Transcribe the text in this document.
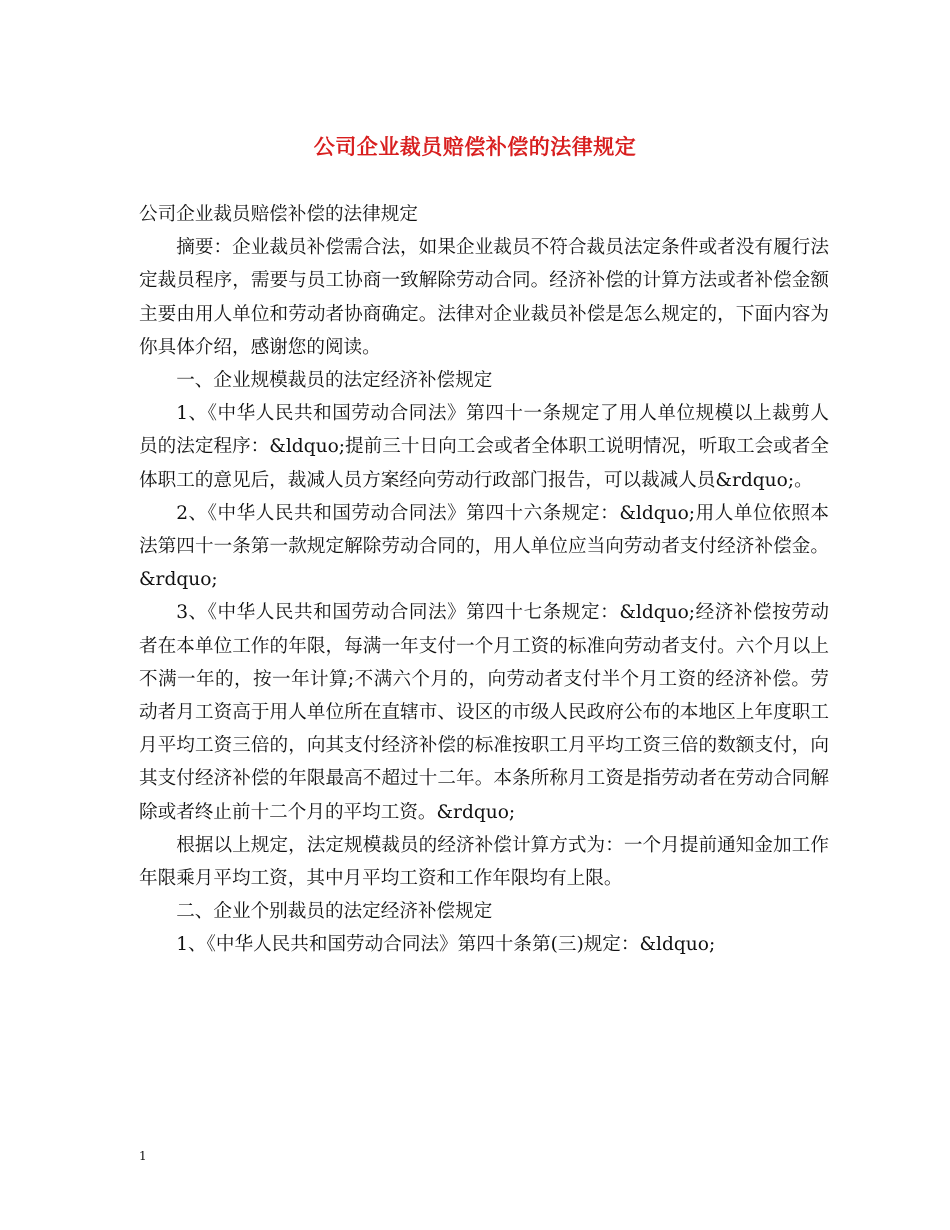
公司企业裁员赔偿补偿的法律规定

公司企业裁员赔偿补偿的法律规定

摘要：企业裁员补偿需合法，如果企业裁员不符合裁员法定条件或者没有履行法定裁员程序，需要与员工协商一致解除劳动合同。经济补偿的计算方法或者补偿金额主要由用人单位和劳动者协商确定。法律对企业裁员补偿是怎么规定的，下面内容为你具体介绍，感谢您的阅读。

一、企业规模裁员的法定经济补偿规定

1、《中华人民共和国劳动合同法》第四十一条规定了用人单位规模以上裁剪人员的法定程序：&ldquo;提前三十日向工会或者全体职工说明情况，听取工会或者全体职工的意见后，裁减人员方案经向劳动行政部门报告，可以裁减人员&rdquo;。

2、《中华人民共和国劳动合同法》第四十六条规定：&ldquo;用人单位依照本法第四十一条第一款规定解除劳动合同的，用人单位应当向劳动者支付经济补偿金。&rdquo;

3、《中华人民共和国劳动合同法》第四十七条规定：&ldquo;经济补偿按劳动者在本单位工作的年限，每满一年支付一个月工资的标准向劳动者支付。六个月以上不满一年的，按一年计算;不满六个月的，向劳动者支付半个月工资的经济补偿。劳动者月工资高于用人单位所在直辖市、设区的市级人民政府公布的本地区上年度职工月平均工资三倍的，向其支付经济补偿的标准按职工月平均工资三倍的数额支付，向其支付经济补偿的年限最高不超过十二年。本条所称月工资是指劳动者在劳动合同解除或者终止前十二个月的平均工资。&rdquo;

根据以上规定，法定规模裁员的经济补偿计算方式为：一个月提前通知金加工作年限乘月平均工资，其中月平均工资和工作年限均有上限。

二、企业个别裁员的法定经济补偿规定

1、《中华人民共和国劳动合同法》第四十条第(三)规定：&ldquo;

1
